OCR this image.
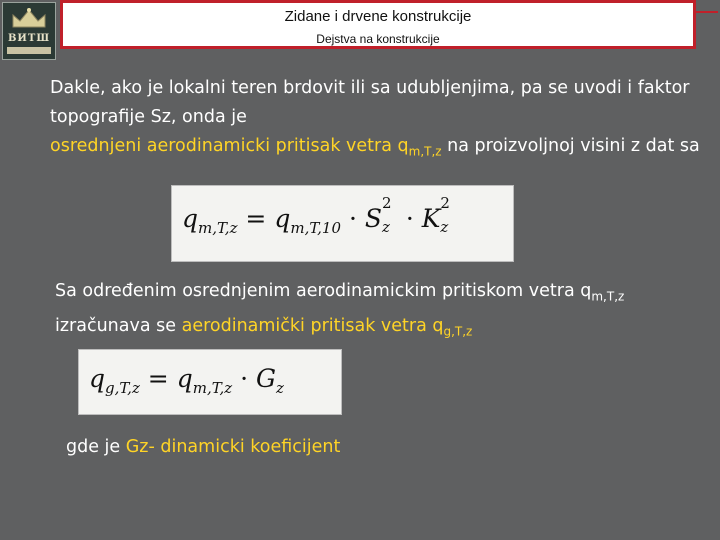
ВИТШ
Zidane i drvene konstrukcije
Dejstva na konstrukcije
Dakle, ako je lokalni teren brdovit ili sa udubljenjima, pa se uvodi i faktor topografije Sz, onda je
osrednjeni aerodinamicki pritisak vetra $q_{m,T,z}$ na proizvoljnoj visini z dat sa
$q_{m,T,z} = q_{m,T,10} \cdot S$
2
z · K
2
z
Sa određenim osrednjenim aerodinamickim pritiskom vetra $q_{m,T,z}$ izračunava se aerodinamički pritisak vetra $q_{g,T,z}$
$q_{g,T,z} = q_{m,T,z} \cdot G_z$
gde je Gz- dinamicki koeficijent
